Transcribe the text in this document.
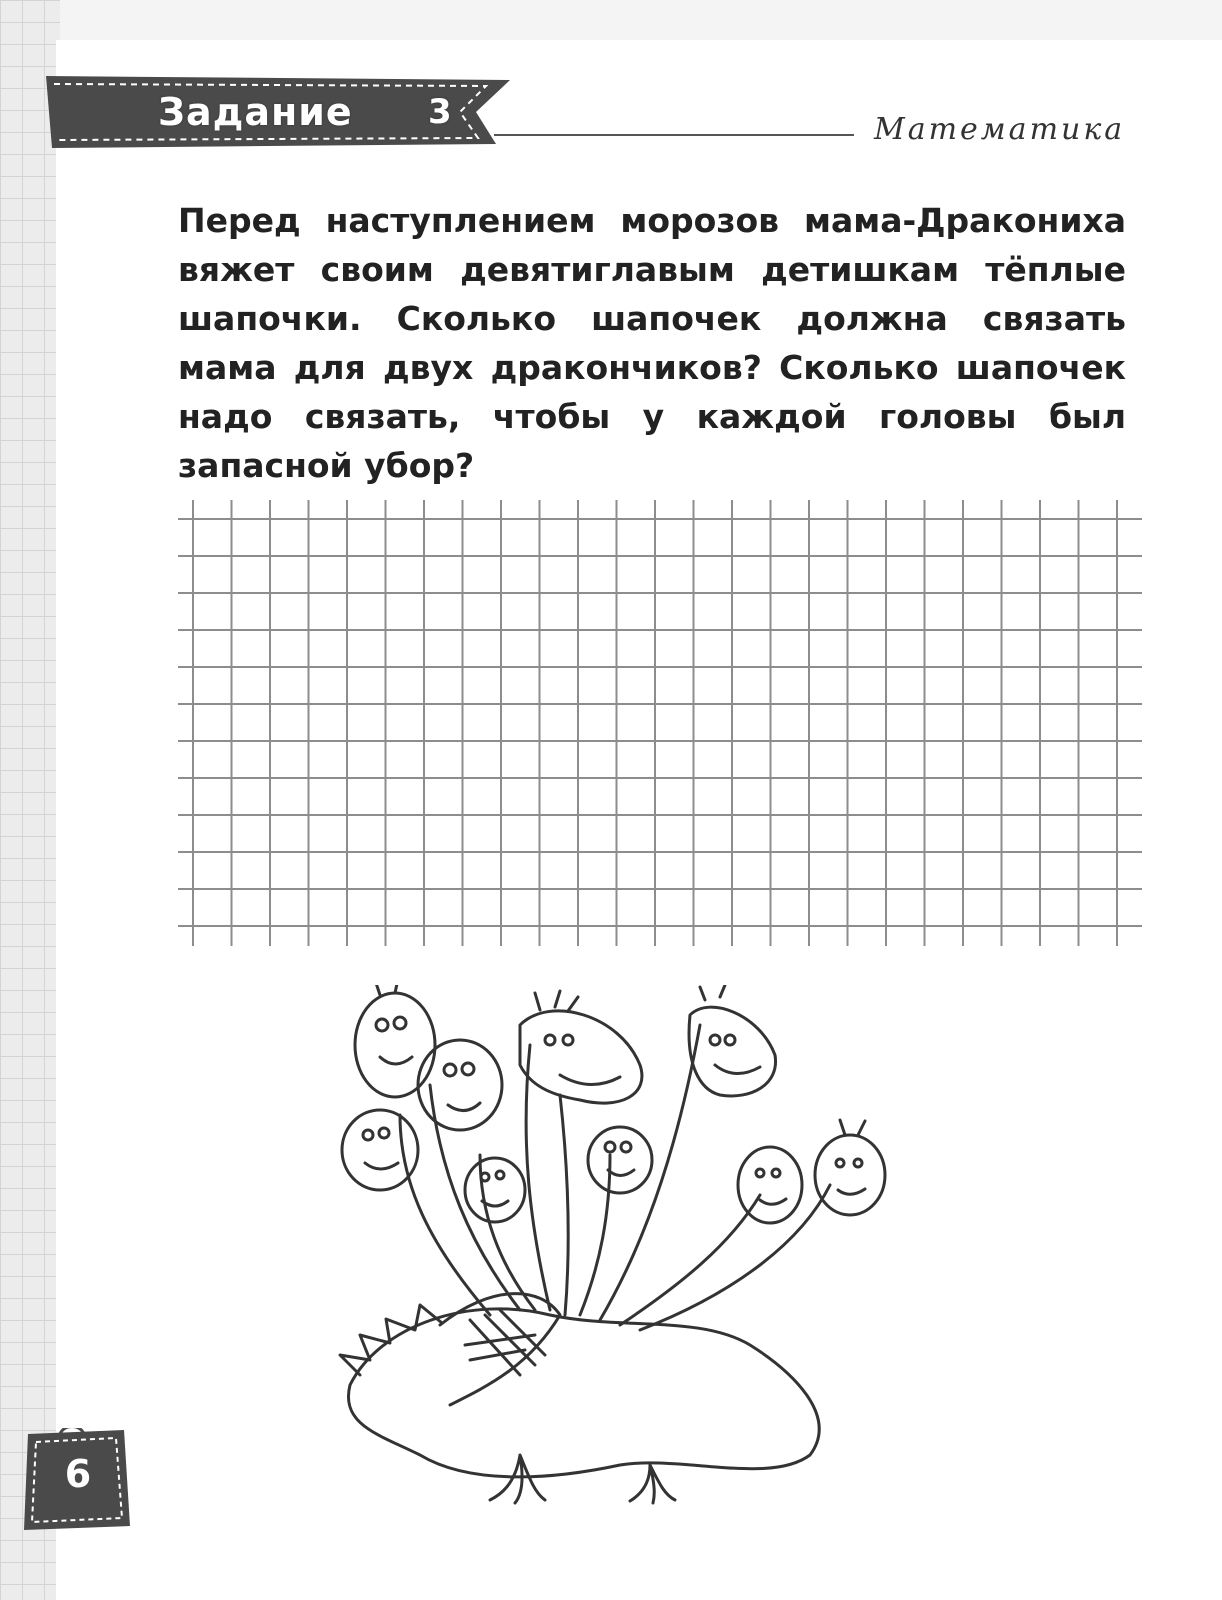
Задание 3	Математика
Перед наступлением морозов мама-Дракониха вяжет своим девятиглавым детишкам тёплые шапочки. Сколько шапочек должна связать мама для двух дракончиков? Сколько шапочек надо связать, чтобы у каждой головы был запасной убор?
6
